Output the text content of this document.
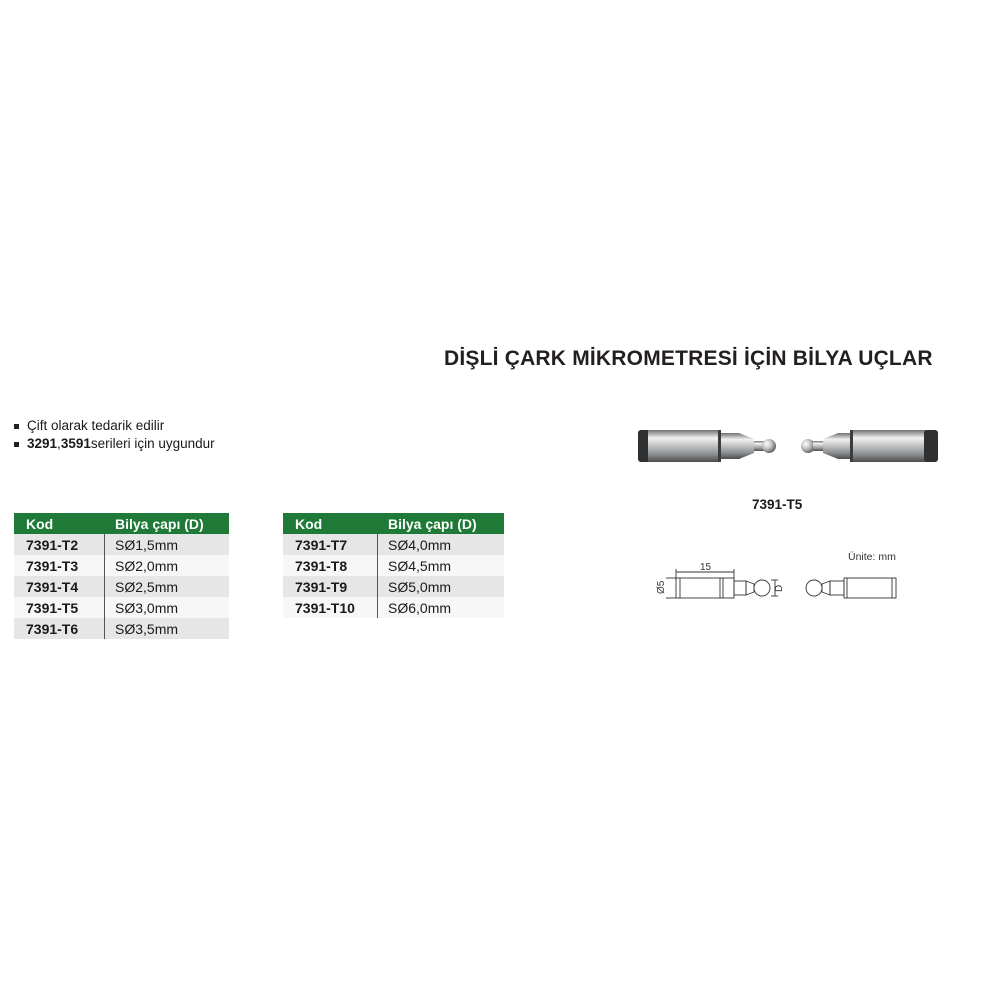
DİŞLİ ÇARK MİKROMETRESİ İÇİN BİLYA UÇLAR
Çift olarak tedarik edilir
3291 , 3591 serileri için uygundur
Kod	Bilya çapı (D)
7391-T2	SØ1,5mm
7391-T3	SØ2,0mm
7391-T4	SØ2,5mm
7391-T5	SØ3,0mm
7391-T6	SØ3,5mm
Kod	Bilya çapı (D)
7391-T7	SØ4,0mm
7391-T8	SØ4,5mm
7391-T9	SØ5,0mm
7391-T10	SØ6,0mm
7391-T5
Ünite: mm
15
Ø5	D
